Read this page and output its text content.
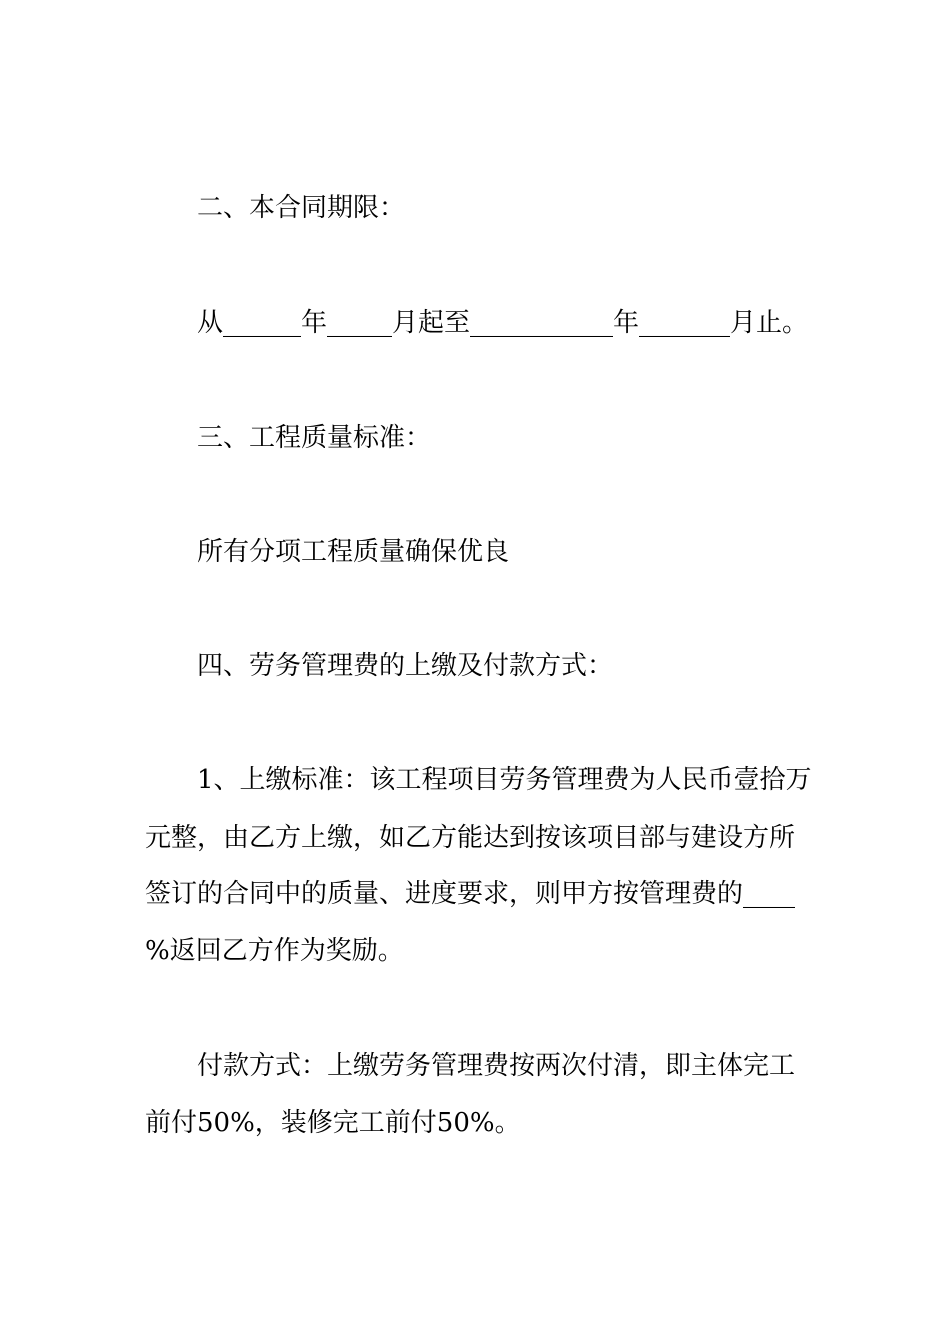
二、本合同期限：

从______年_____月起至___________年_______月止。

三、工程质量标准：

所有分项工程质量确保优良

四、劳务管理费的上缴及付款方式：

1、上缴标准：该工程项目劳务管理费为人民币壹拾万

元整，由乙方上缴，如乙方能达到按该项目部与建设方所

签订的合同中的质量、进度要求，则甲方按管理费的____

%返回乙方作为奖励。

付款方式：上缴劳务管理费按两次付清，即主体完工

前付50%，装修完工前付50%。
